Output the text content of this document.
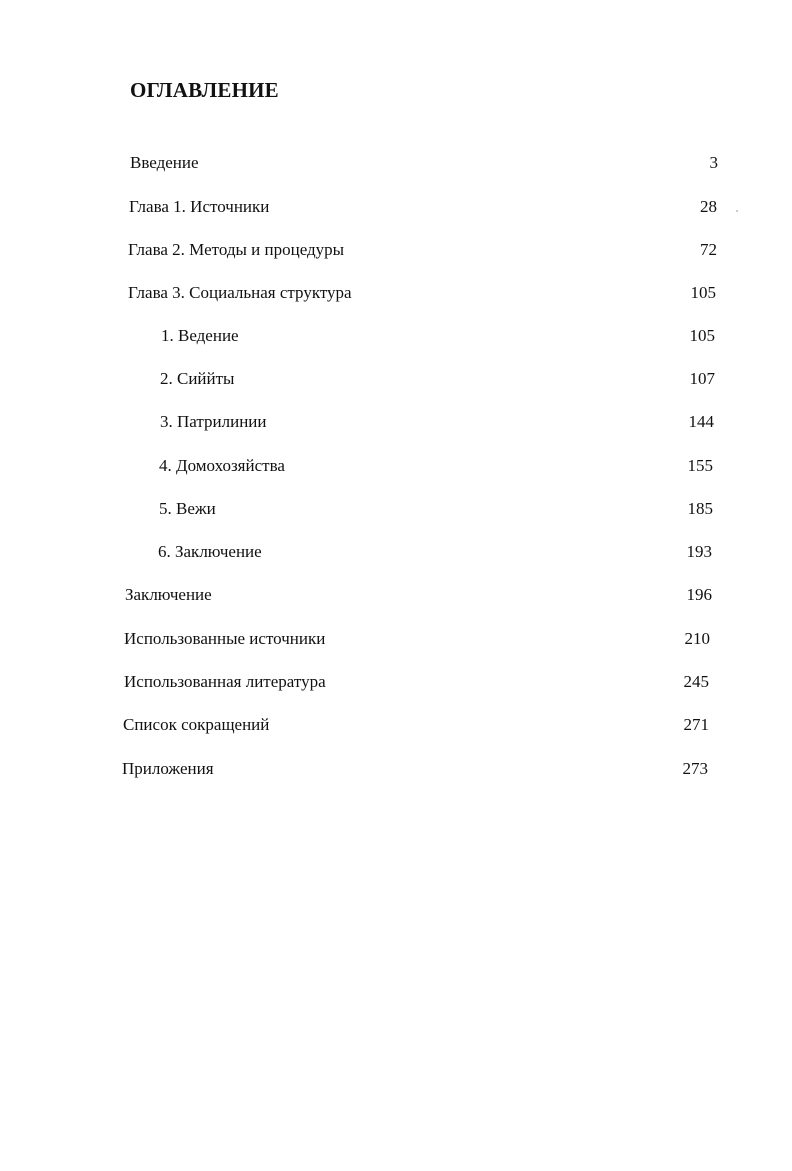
ОГЛАВЛЕНИЕ
Введение	3
Глава 1. Источники	28
Глава 2. Методы и процедуры	72
Глава 3. Социальная структура	105
1. Ведение	105
2. Сиййты	107
3. Патрилинии	144
4. Домохозяйства	155
5. Вежи	185
6. Заключение	193
Заключение	196
Использованные источники	210
Использованная литература	245
Список сокращений	271
Приложения	273
